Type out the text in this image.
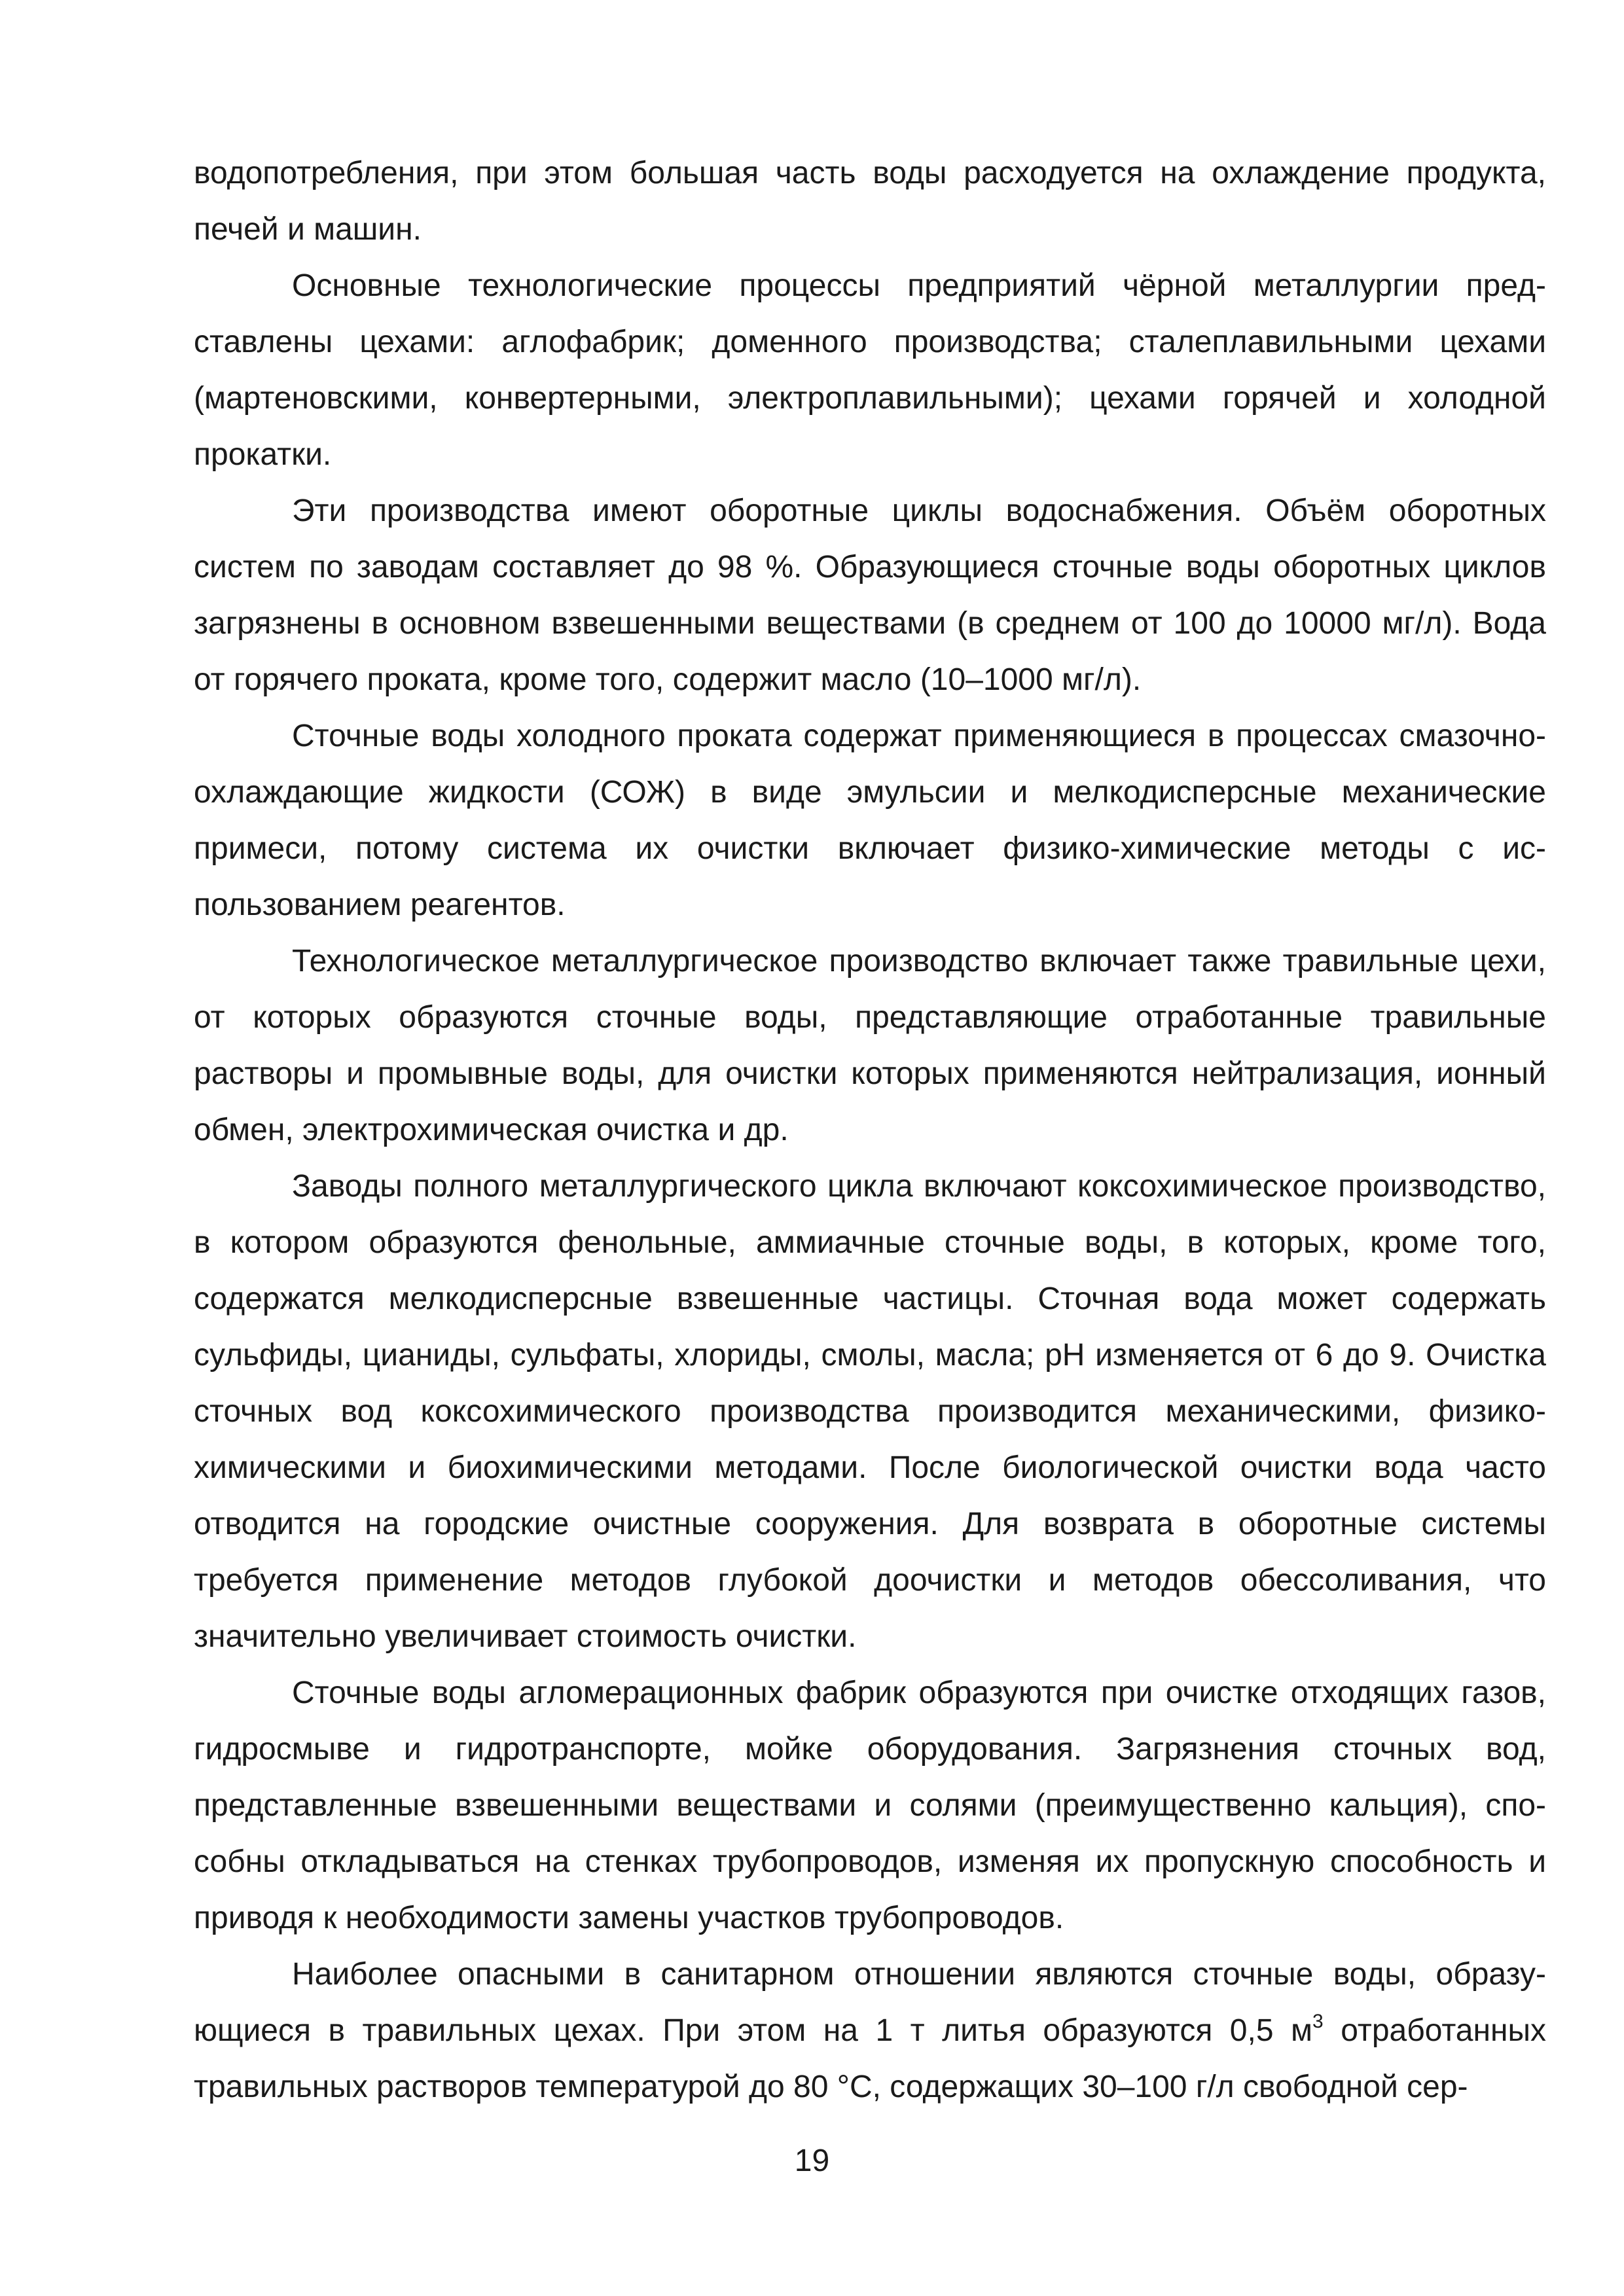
водопотребления, при этом большая часть воды расходуется на охлаждение продукта, печей и машин.

Основные технологические процессы предприятий чёрной металлургии представлены цехами: аглофабрик; доменного производства; сталеплавильными цехами (мартеновскими, конвертерными, электроплавильными); цехами горячей и холодной прокатки.

Эти производства имеют оборотные циклы водоснабжения. Объём оборотных систем по заводам составляет до 98 %. Образующиеся сточные воды оборотных циклов загрязнены в основном взвешенными веществами (в среднем от 100 до 10000 мг/л). Вода от горячего проката, кроме того, содержит масло (10–1000 мг/л).

Сточные воды холодного проката содержат применяющиеся в процессах смазочно-охлаждающие жидкости (СОЖ) в виде эмульсии и мелкодисперсные механические примеси, потому система их очистки включает физико-химические методы с использованием реагентов.

Технологическое металлургическое производство включает также травильные цехи, от которых образуются сточные воды, представляющие отработанные травильные растворы и промывные воды, для очистки которых применяются нейтрализация, ионный обмен, электрохимическая очистка и др.

Заводы полного металлургического цикла включают коксохимическое производство, в котором образуются фенольные, аммиачные сточные воды, в которых, кроме того, содержатся мелкодисперсные взвешенные частицы. Сточная вода может содержать сульфиды, цианиды, сульфаты, хлориды, смолы, масла; рН изменяется от 6 до 9. Очистка сточных вод коксохимического производства производится механическими, физико-химическими и биохимическими методами. После биологической очистки вода часто отводится на городские очистные сооружения. Для возврата в оборотные системы требуется применение методов глубокой доочистки и методов обессоливания, что значительно увеличивает стоимость очистки.

Сточные воды агломерационных фабрик образуются при очистке отходящих газов, гидросмыве и гидротранспорте, мойке оборудования. Загрязнения сточных вод, представленные взвешенными веществами и солями (преимущественно кальция), способны откладываться на стенках трубопроводов, изменяя их пропускную способность и приводя к необходимости замены участков трубопроводов.

Наиболее опасными в санитарном отношении являются сточные воды, образующиеся в травильных цехах. При этом на 1 т литья образуются 0,5 $м^3$ отработанных травильных растворов температурой до 80 °С, содержащих 30–100 г/л свободной сер-

19
